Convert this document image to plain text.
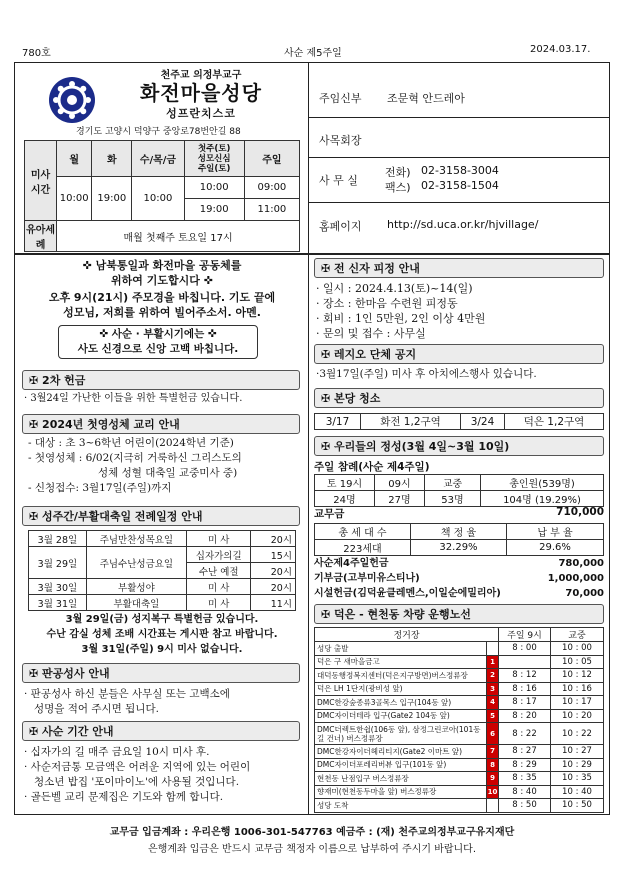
780호	사순 제5주일	2024.03.17.
천주교 의정부교구
화전마을성당
성프란치스코
경기도 고양시 덕양구 중앙로78번안길 88
미사
시간	월	화	수/목/금	첫주(토)
성모신심
주일(토)	주일
	10:00	19:00	10:00	10:00	09:00
				19:00	11:00
유아세례	매월 첫째주 토요일 17시				
주임신부 조문혁 안드레아
사목회장
사 무 실
전화) 02-3158-3004
팩스) 02-3158-1504
홈페이지 http://sd.uca.or.kr/hjvillage/
✜ 남북통일과 화전마을 공동체를
위하여 기도합시다 ✜
오후 9시(21시) 주모경을 바칩니다. 기도 끝에
성모님, 저희를 위하여 빌어주소서. 아멘.
✜ 사순 · 부활시기에는 ✜
사도 신경으로 신앙 고백 바칩니다.
✠ 2차 헌금
· 3월24일 가난한 이들을 위한 특별헌금 있습니다.
✠ 2024년 첫영성체 교리 안내
- 대상 : 초 3~6학년 어린이(2024학년 기준)
- 첫영성체 : 6/02(지극히 거룩하신 그리스도의
성체 성혈 대축일 교중미사 중)
- 신청접수: 3월17일(주일)까지
✠ 성주간/부활대축일 전례일정 안내
3월 28일	주님만찬성목요일	미 사	20시
3월 29일	주님수난성금요일	십자가의길	15시
		수난 예절	20시
3월 30일	부활성야	미 사	20시
3월 31일	부활대축일	미 사	11시
3월 29일(금) 성지복구 특별헌금 있습니다.
수난 감실 성체 조배 시간표는 게시판 참고 바랍니다.
3월 31일(주일) 9시 미사 없습니다.
✠ 판공성사 안내
· 판공성사 하신 분들은 사무실 또는 고백소에
성명을 적어 주시면 됩니다.
✠ 사순 기간 안내
· 십자가의 길 매주 금요일 10시 미사 후.
· 사순저금통 모금액은 어려운 지역에 있는 어린이
청소년 밥집 '포이마이노'에 사용될 것입니다.
· 골든벨 교리 문제집은 기도와 함께 합니다.
✠ 전 신자 피정 안내
· 일시 : 2024.4.13(토)~14(일)
· 장소 : 한마음 수련원 피정동
· 회비 : 1인 5만원, 2인 이상 4만원
· 문의 및 접수 : 사무실
✠ 레지오 단체 공지
·3월17일(주일) 미사 후 아치에스행사 있습니다.
✠ 본당 청소
3/17	화전 1,2구역	3/24	덕은 1,2구역
✠ 우리들의 정성(3월 4일~3월 10일)
주일 참례(사순 제4주일)
토 19시	09시	교중	총인원(539명)
24명	27명	53명	104명 (19.29%)
교무금	710,000
총 세 대 수	책 정 율	납 부 율
223세대	32.29%	29.6%
사순제4주일헌금	780,000
기부금(고부미유스티나)	1,000,000
시설헌금(김덕윤클레멘스,이일순에밀리아)	70,000
✠ 덕은 - 현천동 차량 운행노선
정거장		주일 9시	교중
성당 출발		8 : 00	10 : 00
덕은 구 새마을금고	1		10 : 05
대덕동행정복지센터(덕은지구방면)버스정류장	2	8 : 12	10 : 12
덕은 LH 1단지(광비성 앞)	3	8 : 16	10 : 16
DMC한강숲종류3골목스 입구(104동 앞)	4	8 : 17	10 : 17
DMC자이더테라 입구(Gate2 104동 앞)	5	8 : 20	10 : 20
DMC더렉트한쉽(106동 앞), 삼정그린코아(101동 길 건너) 버스정류장	6	8 : 22	10 : 22
DMC한강자이더헤리티지(Gate2 이마트 앞)	7	8 : 27	10 : 27
DMC자이더포레리버뷰 입구(101동 앞)	8	8 : 29	10 : 29
현천동 난점입구 버스정류장	9	8 : 35	10 : 35
향재미(현천동두마을 앞) 버스정류장	10	8 : 40	10 : 40
성당 도착		8 : 50	10 : 50
교무금 입금계좌 : 우리은행 1006-301-547763 예금주 : (재) 천주교의정부교구유지재단
은행계좌 입금은 반드시 교무금 책정자 이름으로 납부하여 주시기 바랍니다.
